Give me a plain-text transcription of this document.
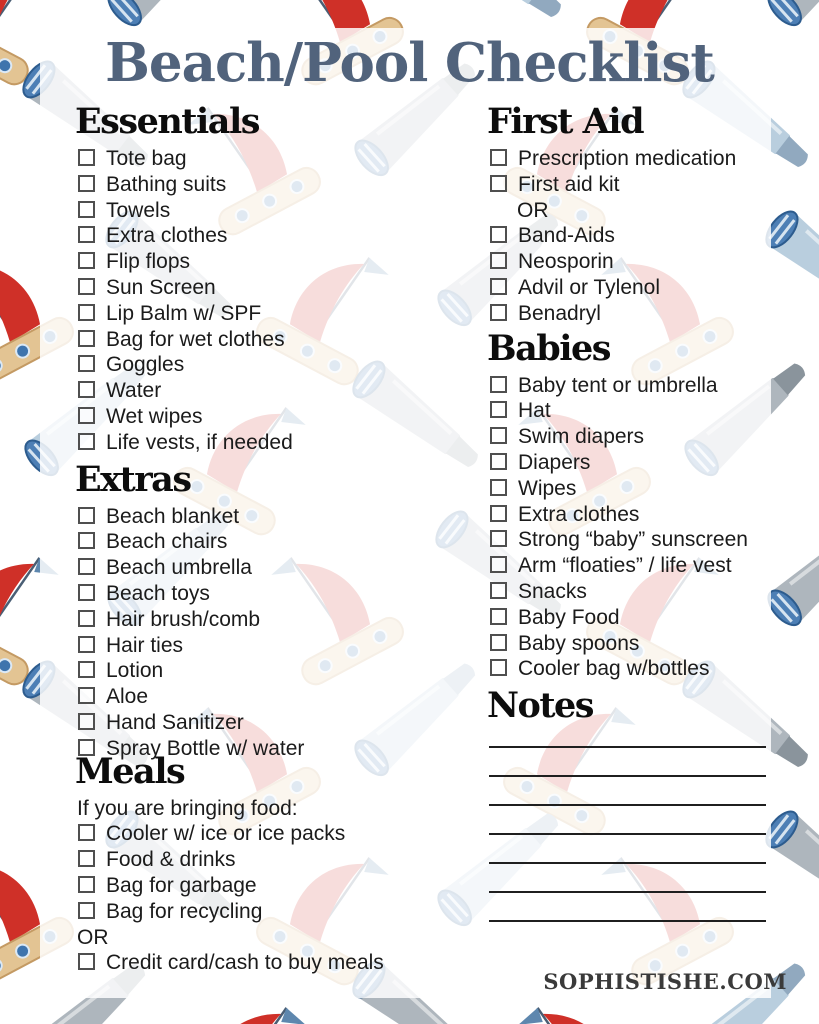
Beach/Pool Checklist
Essentials
Tote bag
Bathing suits
Towels
Extra clothes
Flip flops
Sun Screen
Lip Balm w/ SPF
Bag for wet clothes
Goggles
Water
Wet wipes
Life vests, if needed
Extras
Beach blanket
Beach chairs
Beach umbrella
Beach toys
Hair brush/comb
Hair ties
Lotion
Aloe
Hand Sanitizer
Spray Bottle w/ water
Meals
If you are bringing food:
Cooler w/ ice or ice packs
Food & drinks
Bag for garbage
Bag for recycling
OR
Credit card/cash to buy meals
First Aid
Prescription medication
First aid kit
OR
Band-Aids
Neosporin
Advil or Tylenol
Benadryl
Babies
Baby tent or umbrella
Hat
Swim diapers
Diapers
Wipes
Extra clothes
Strong “baby” sunscreen
Arm “floaties” / life vest
Snacks
Baby Food
Baby spoons
Cooler bag w/bottles
Notes
SOPHISTISHE.COM
